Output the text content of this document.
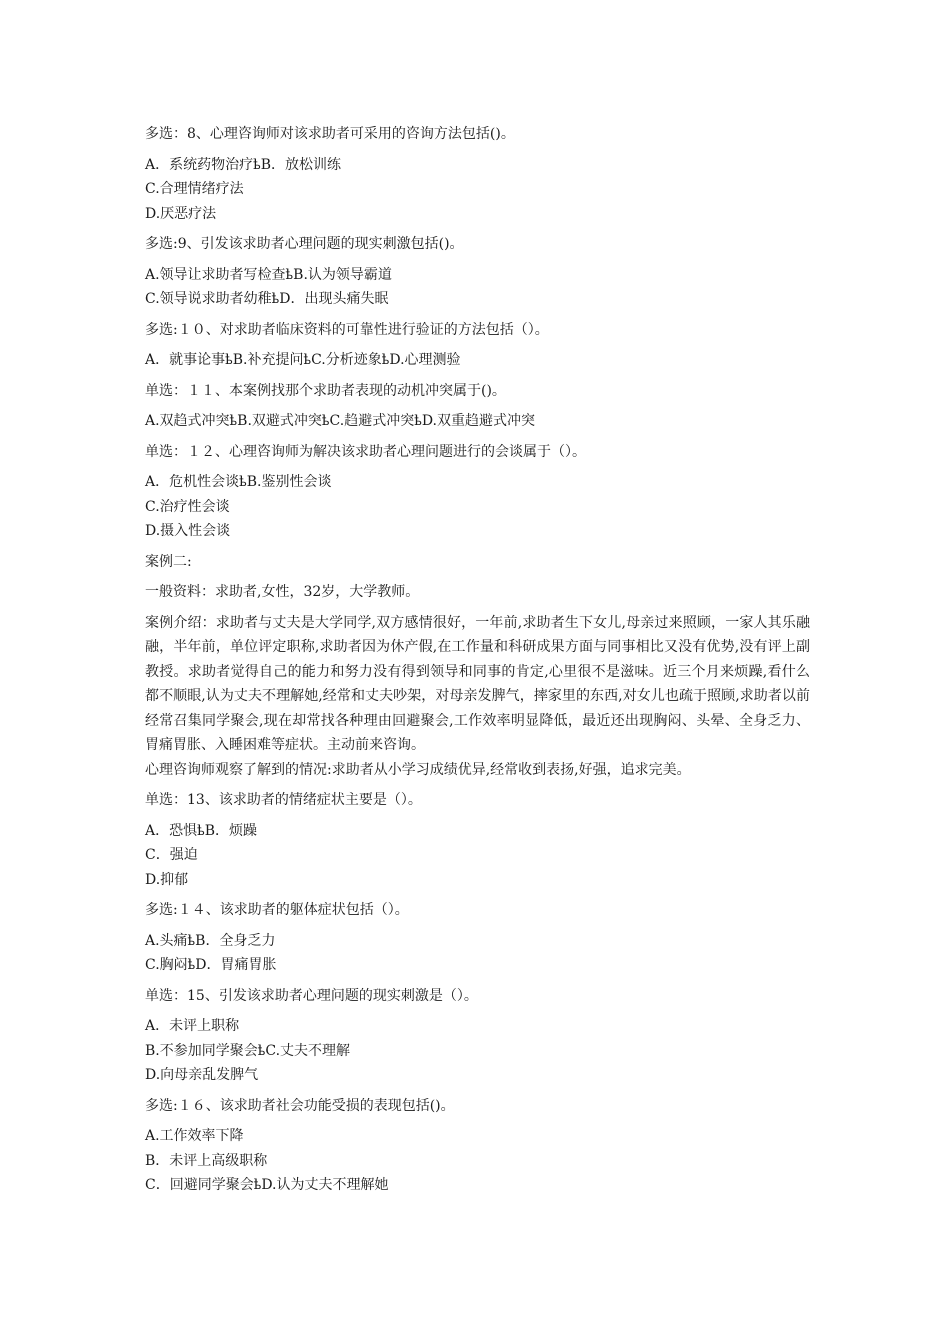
多选：8、心理咨询师对该求助者可采用的咨询方法包括()。
A．系统药物治疗ҍB．放松训练
C.合理情绪疗法
D.厌恶疗法
多选:9、引发该求助者心理问题的现实刺激包括()。
A.领导让求助者写检查ҍB.认为领导霸道
C.领导说求助者幼稚ҍD．出现头痛失眠
多选:１０、对求助者临床资料的可靠性进行验证的方法包括（）。
A．就事论事ҍB.补充提问ҍC.分析迹象ҍD.心理测验
单选：１１、本案例找那个求助者表现的动机冲突属于()。
A.双趋式冲突ҍB.双避式冲突ҍC.趋避式冲突ҍD.双重趋避式冲突
单选：１２、心理咨询师为解决该求助者心理问题进行的会谈属于（）。
A．危机性会谈ҍB.鉴别性会谈
C.治疗性会谈
D.摄入性会谈
案例二:
一般资料：求助者,女性，32岁，大学教师。
案例介绍：求助者与丈夫是大学同学,双方感情很好，一年前,求助者生下女儿,母亲过来照顾，一家人其乐融融，半年前，单位评定职称,求助者因为休产假,在工作量和科研成果方面与同事相比又没有优势,没有评上副教授。求助者觉得自己的能力和努力没有得到领导和同事的肯定,心里很不是滋味。近三个月来烦躁,看什么都不顺眼,认为丈夫不理解她,经常和丈夫吵架，对母亲发脾气，摔家里的东西,对女儿也疏于照顾,求助者以前经常召集同学聚会,现在却常找各种理由回避聚会,工作效率明显降低，最近还出现胸闷、头晕、全身乏力、胃痛胃胀、入睡困难等症状。主动前来咨询。
心理咨询师观察了解到的情况:求助者从小学习成绩优异,经常收到表扬,好强，追求完美。
单选：13、该求助者的情绪症状主要是（）。
A．恐惧ҍB．烦躁
C．强迫
D.抑郁
多选:１４、该求助者的躯体症状包括（）。
A.头痛ҍB．全身乏力
C.胸闷ҍD．胃痛胃胀
单选：15、引发该求助者心理问题的现实刺激是（）。
A．未评上职称
B.不参加同学聚会ҍC.丈夫不理解
D.向母亲乱发脾气
多选:１６、该求助者社会功能受损的表现包括()。
A.工作效率下降
B．未评上高级职称
C．回避同学聚会ҍD.认为丈夫不理解她
